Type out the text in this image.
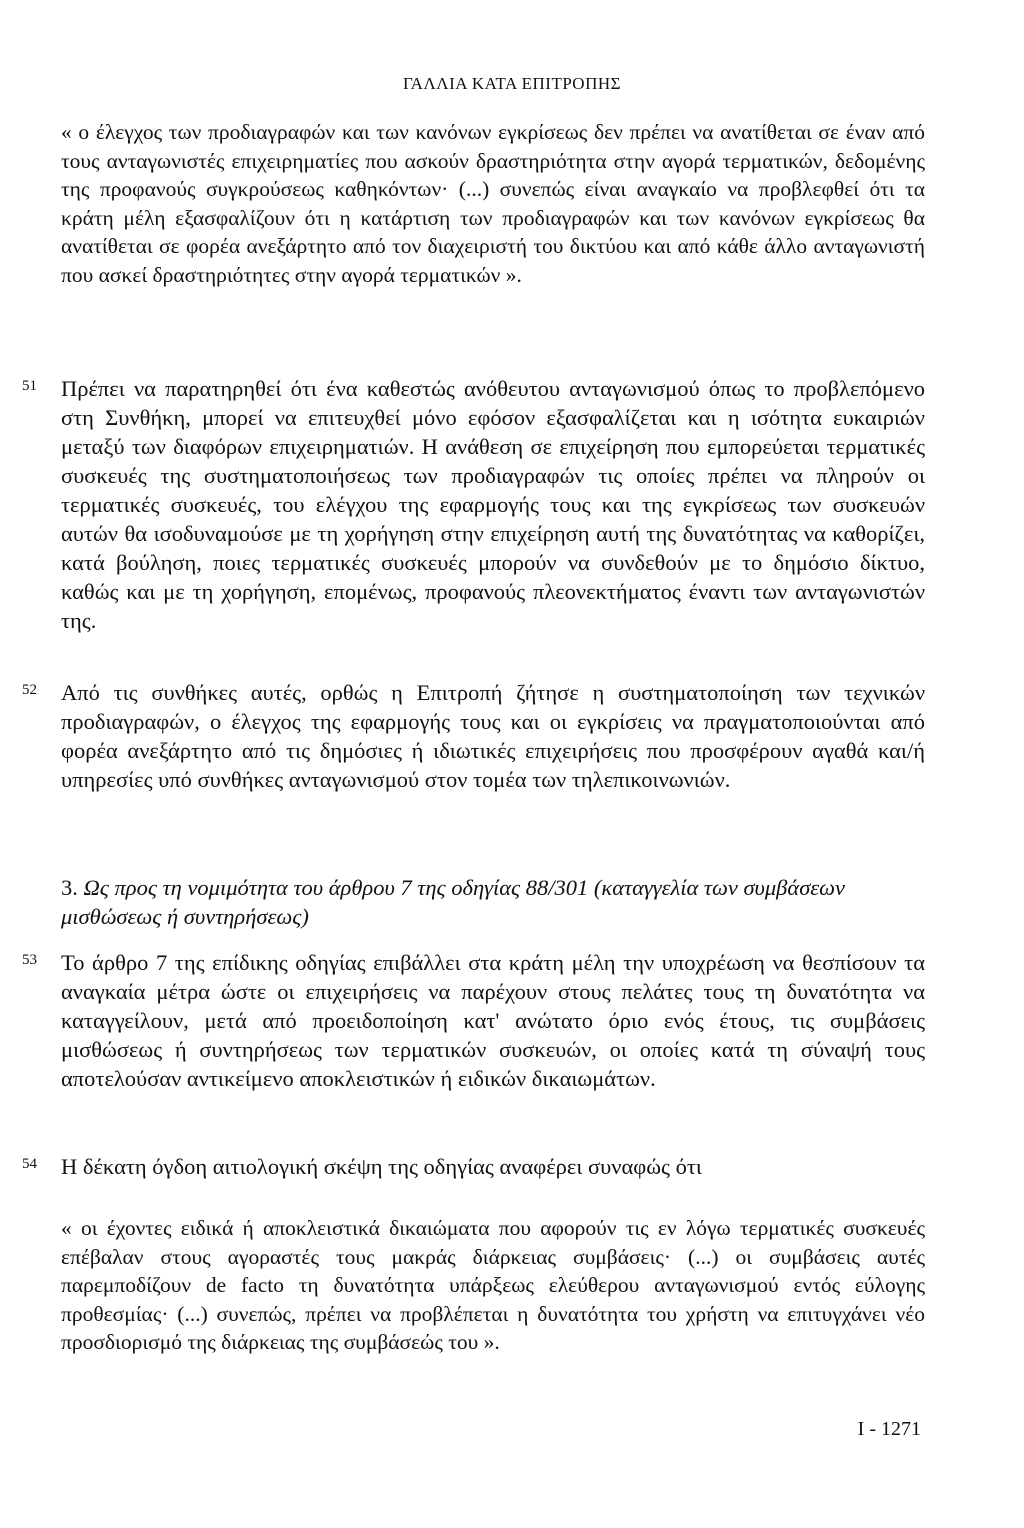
ΓΑΛΛΙΑ ΚΑΤΑ ΕΠΙΤΡΟΠΗΣ
« ο έλεγχος των προδιαγραφών και των κανόνων εγκρίσεως δεν πρέπει να ανατίθεται σε έναν από τους ανταγωνιστές επιχειρηματίες που ασκούν δραστηριότητα στην αγορά τερματικών, δεδομένης της προφανούς συγκρούσεως καθηκόντων· (...) συνεπώς είναι αναγκαίο να προβλεφθεί ότι τα κράτη μέλη εξασφαλίζουν ότι η κατάρτιση των προδιαγραφών και των κανόνων εγκρίσεως θα ανατίθεται σε φορέα ανεξάρτητο από τον διαχειριστή του δικτύου και από κάθε άλλο ανταγωνιστή που ασκεί δραστηριότητες στην αγορά τερματικών ».
51 Πρέπει να παρατηρηθεί ότι ένα καθεστώς ανόθευτου ανταγωνισμού όπως το προβλεπόμενο στη Συνθήκη, μπορεί να επιτευχθεί μόνο εφόσον εξασφαλίζεται και η ισότητα ευκαιριών μεταξύ των διαφόρων επιχειρηματιών. Η ανάθεση σε επιχείρηση που εμπορεύεται τερματικές συσκευές της συστηματοποιήσεως των προδιαγραφών τις οποίες πρέπει να πληρούν οι τερματικές συσκευές, του ελέγχου της εφαρμογής τους και της εγκρίσεως των συσκευών αυτών θα ισοδυναμούσε με τη χορήγηση στην επιχείρηση αυτή της δυνατότητας να καθορίζει, κατά βούληση, ποιες τερματικές συσκευές μπορούν να συνδεθούν με το δημόσιο δίκτυο, καθώς και με τη χορήγηση, επομένως, προφανούς πλεονεκτήματος έναντι των ανταγωνιστών της.
52 Από τις συνθήκες αυτές, ορθώς η Επιτροπή ζήτησε η συστηματοποίηση των τεχνικών προδιαγραφών, ο έλεγχος της εφαρμογής τους και οι εγκρίσεις να πραγματοποιούνται από φορέα ανεξάρτητο από τις δημόσιες ή ιδιωτικές επιχειρήσεις που προσφέρουν αγαθά και/ή υπηρεσίες υπό συνθήκες ανταγωνισμού στον τομέα των τηλεπικοινωνιών.
3. Ως προς τη νομιμότητα του άρθρου 7 της οδηγίας 88/301 (καταγγελία των συμβάσεων μισθώσεως ή συντηρήσεως)
53 Το άρθρο 7 της επίδικης οδηγίας επιβάλλει στα κράτη μέλη την υποχρέωση να θεσπίσουν τα αναγκαία μέτρα ώστε οι επιχειρήσεις να παρέχουν στους πελάτες τους τη δυνατότητα να καταγγείλουν, μετά από προειδοποίηση κατ' ανώτατο όριο ενός έτους, τις συμβάσεις μισθώσεως ή συντηρήσεως των τερματικών συσκευών, οι οποίες κατά τη σύναψή τους αποτελούσαν αντικείμενο αποκλειστικών ή ειδικών δικαιωμάτων.
54 Η δέκατη όγδοη αιτιολογική σκέψη της οδηγίας αναφέρει συναφώς ότι
« οι έχοντες ειδικά ή αποκλειστικά δικαιώματα που αφορούν τις εν λόγω τερματικές συσκευές επέβαλαν στους αγοραστές τους μακράς διάρκειας συμβάσεις· (...) οι συμβάσεις αυτές παρεμποδίζουν de facto τη δυνατότητα υπάρξεως ελεύθερου ανταγωνισμού εντός εύλογης προθεσμίας· (...) συνεπώς, πρέπει να προβλέπεται η δυνατότητα του χρήστη να επιτυγχάνει νέο προσδιορισμό της διάρκειας της συμβάσεώς του ».
I - 1271
